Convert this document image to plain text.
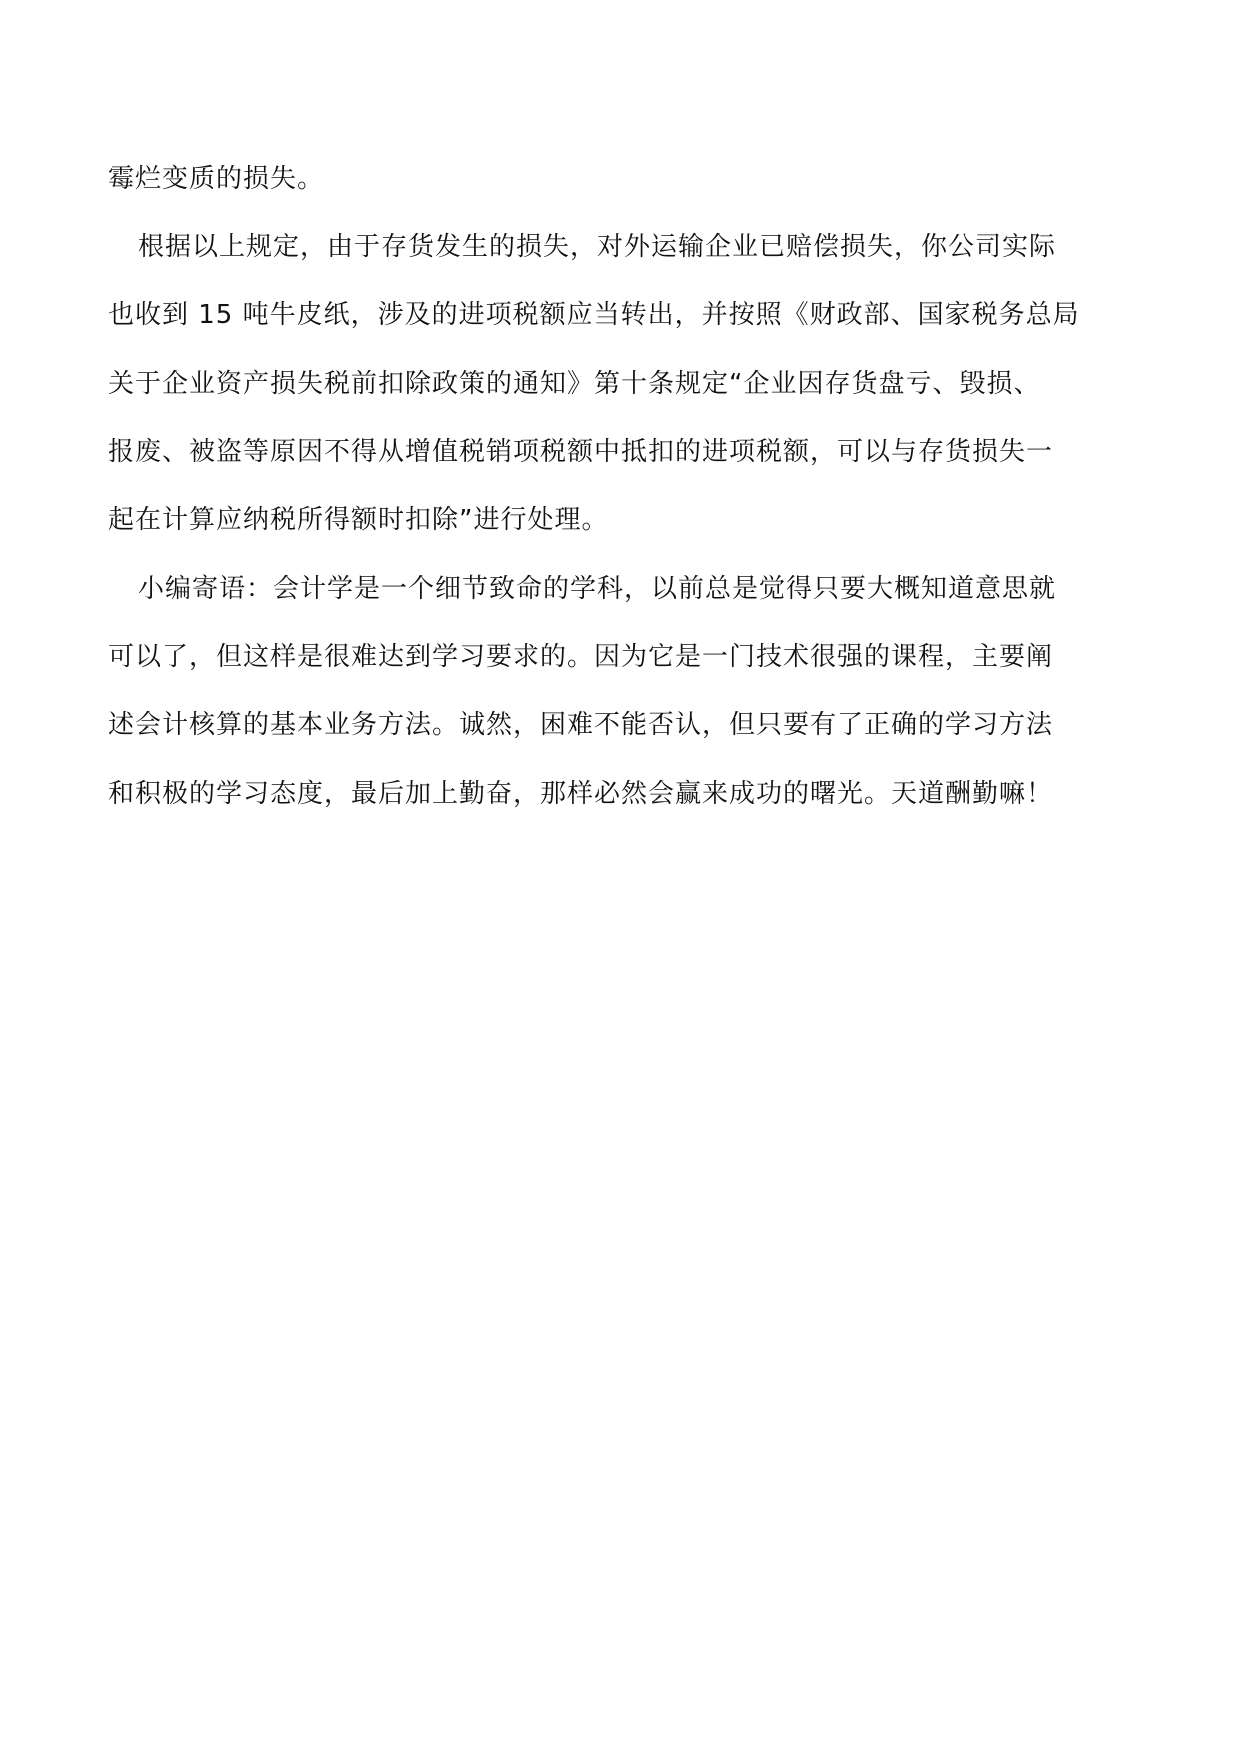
霉烂变质的损失。
根据以上规定，由于存货发生的损失，对外运输企业已赔偿损失，你公司实际
也收到 15 吨牛皮纸，涉及的进项税额应当转出，并按照《财政部、国家税务总局
关于企业资产损失税前扣除政策的通知》第十条规定“企业因存货盘亏、毁损、
报废、被盗等原因不得从增值税销项税额中抵扣的进项税额，可以与存货损失一
起在计算应纳税所得额时扣除”进行处理。
小编寄语：会计学是一个细节致命的学科，以前总是觉得只要大概知道意思就
可以了，但这样是很难达到学习要求的。因为它是一门技术很强的课程，主要阐
述会计核算的基本业务方法。诚然，困难不能否认，但只要有了正确的学习方法
和积极的学习态度，最后加上勤奋，那样必然会赢来成功的曙光。天道酬勤嘛！
